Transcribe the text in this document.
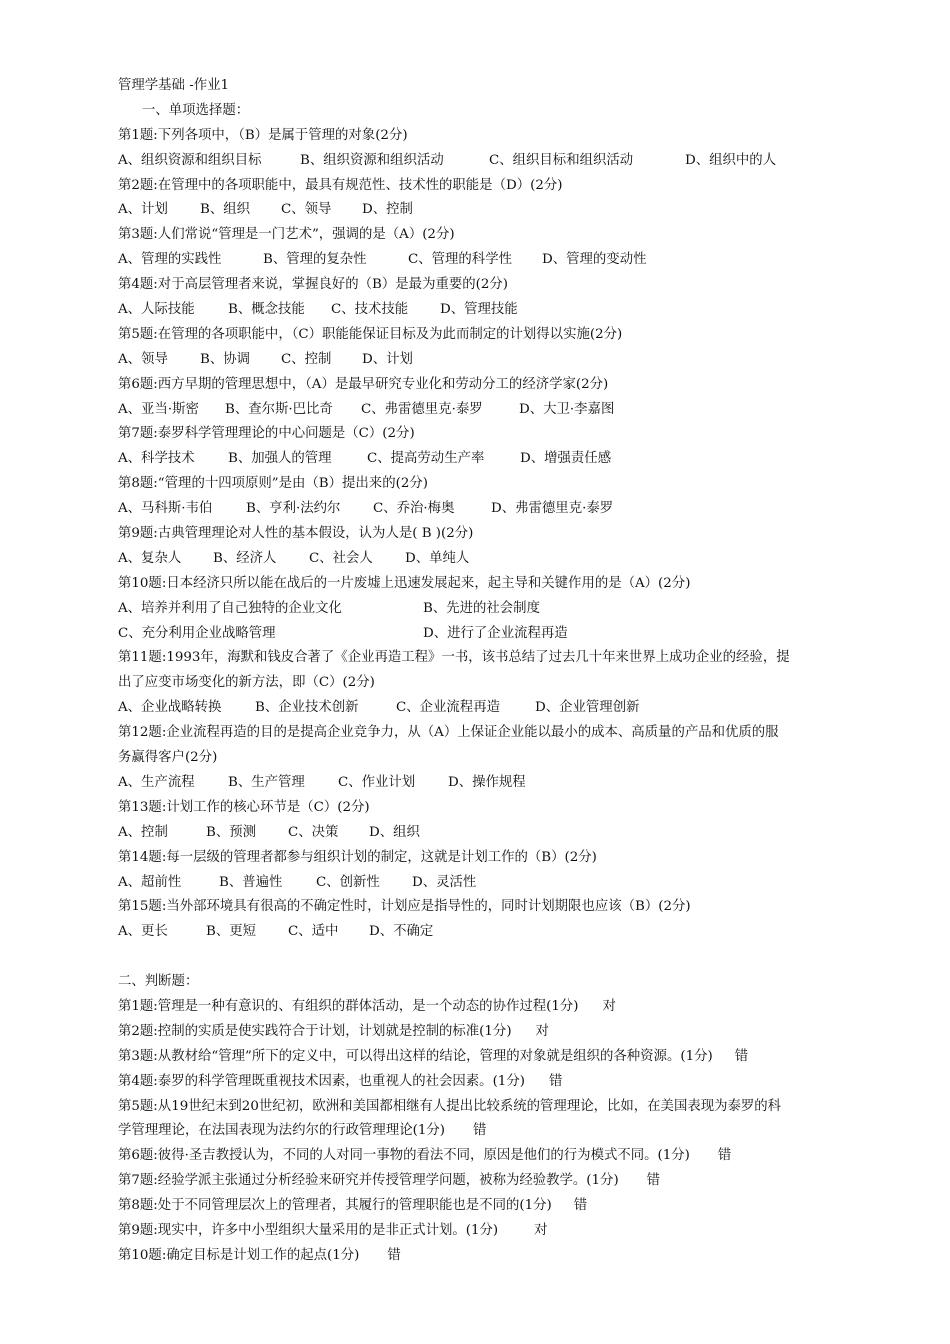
管理学基础 -作业1
一、单项选择题：
第1题:下列各项中，（B）是属于管理的对象(2分)
A、组织资源和组织目标	B、组织资源和组织活动	C、组织目标和组织活动	D、组织中的人
第2题:在管理中的各项职能中，最具有规范性、技术性的职能是（D）(2分)
A、计划 B、组织 C、领导 D、控制
第3题:人们常说“管理是一门艺术”，强调的是（A）(2分)
A、管理的实践性	B、管理的复杂性	C、管理的科学性 D、管理的变动性
第4题:对于高层管理者来说，掌握良好的（B）是最为重要的(2分)
A、人际技能 B、概念技能 C、技术技能 D、管理技能
第5题:在管理的各项职能中，（C）职能能保证目标及为此而制定的计划得以实施(2分)
A、领导 B、协调 C、控制 D、计划
第6题:西方早期的管理思想中，（A）是最早研究专业化和劳动分工的经济学家(2分)
A、亚当·斯密 B、查尔斯·巴比奇 C、弗雷德里克·泰罗	D、大卫·李嘉图
第7题:泰罗科学管理理论的中心问题是（C）(2分)
A、科学技术 B、加强人的管理	C、提高劳动生产率	D、增强责任感
第8题:“管理的十四项原则”是由（B）提出来的(2分)
A、马科斯·韦伯	B、亨利·法约尔 C、乔治·梅奥	D、弗雷德里克·泰罗
第9题:古典管理理论对人性的基本假设，认为人是( B )(2分)
A、复杂人 B、经济人 C、社会人 D、单纯人
第10题:日本经济只所以能在战后的一片废墟上迅速发展起来，起主导和关键作用的是（A）(2分)
A、培养并利用了自己独特的企业文化	B、先进的社会制度
C、充分利用企业战略管理	D、进行了企业流程再造
第11题:1993年，海默和钱皮合著了《企业再造工程》一书，该书总结了过去几十年来世界上成功企业的经验，提
出了应变市场变化的新方法，即（C）(2分)
A、企业战略转换	B、企业技术创新	C、企业流程再造	D、企业管理创新
第12题:企业流程再造的目的是提高企业竞争力，从（A）上保证企业能以最小的成本、高质量的产品和优质的服
务赢得客户(2分)
A、生产流程 B、生产管理 C、作业计划 D、操作规程
第13题:计划工作的核心环节是（C）(2分)
A、控制	B、预测 C、决策 D、组织
第14题:每一层级的管理者都参与组织计划的制定，这就是计划工作的（B）(2分)
A、超前性	B、普遍性	C、创新性 D、灵活性
第15题:当外部环境具有很高的不确定性时，计划应是指导性的，同时计划期限也应该（B）(2分)
A、更长	B、更短 C、适中 D、不确定
二、判断题：
第1题:管理是一种有意识的、有组织的群体活动，是一个动态的协作过程(1分) 对
第2题:控制的实质是使实践符合于计划，计划就是控制的标准(1分) 对
第3题:从教材给“管理”所下的定义中，可以得出这样的结论，管理的对象就是组织的各种资源。(1分) 错
第4题:泰罗的科学管理既重视技术因素，也重视人的社会因素。(1分) 错
第5题:从19世纪末到20世纪初，欧洲和美国都相继有人提出比较系统的管理理论，比如，在美国表现为泰罗的科
学管理理论，在法国表现为法约尔的行政管理理论(1分) 错
第6题:彼得·圣吉教授认为，不同的人对同一事物的看法不同，原因是他们的行为模式不同。(1分) 错
第7题:经验学派主张通过分析经验来研究并传授管理学问题，被称为经验教学。(1分) 错
第8题:处于不同管理层次上的管理者，其履行的管理职能也是不同的(1分) 错
第9题:现实中，许多中小型组织大量采用的是非正式计划。(1分)	对
第10题:确定目标是计划工作的起点(1分) 错
